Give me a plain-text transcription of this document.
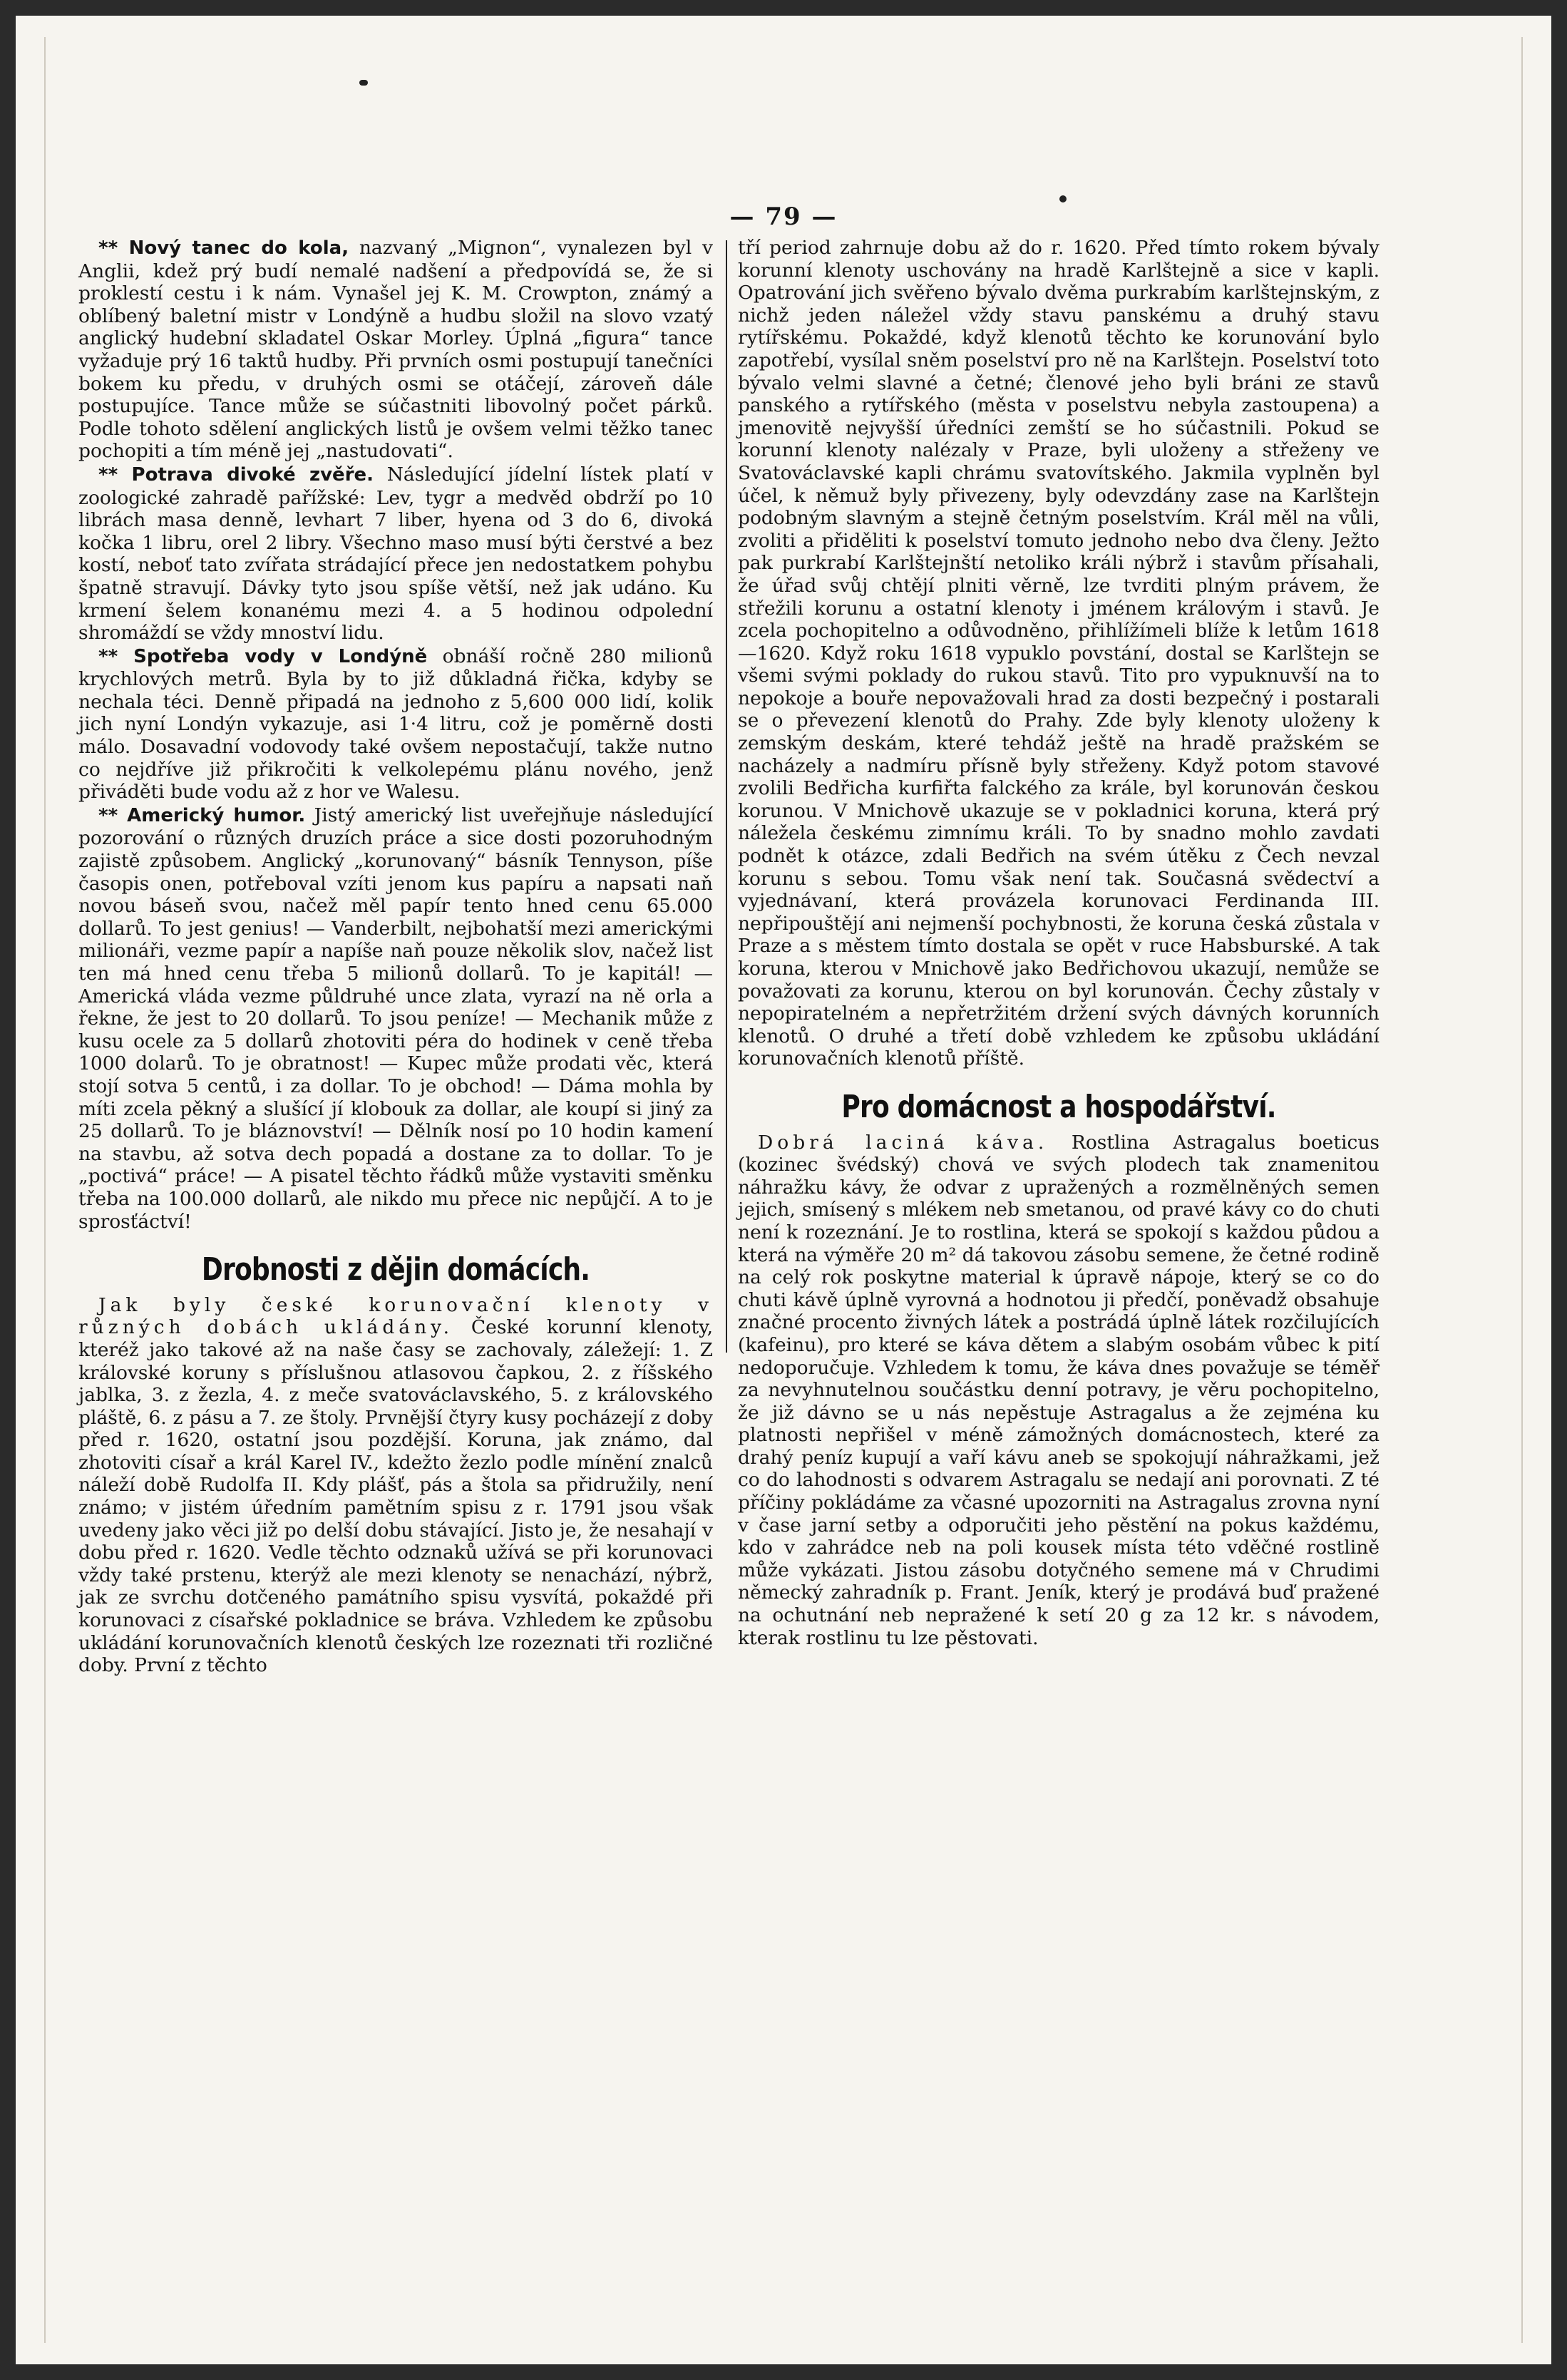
— 79 —

** Nový tanec do kola, nazvaný „Mignon“, vynalezen byl v Anglii, kdež prý budí nemalé nadšení a předpovídá se, že si proklestí cestu i k nám. Vynašel jej K. M. Crowpton, známý a oblíbený baletní mistr v Londýně a hudbu složil na slovo vzatý anglický hudební skladatel Oskar Morley. Úplná „figura“ tance vyžaduje prý 16 taktů hudby. Při prvních osmi postupují tanečníci bokem ku předu, v druhých osmi se otáčejí, zároveň dále postupujíce. Tance může se súčastniti libovolný počet párků. Podle tohoto sdělení anglických listů je ovšem velmi těžko tanec pochopiti a tím méně jej „nastudovati“.

** Potrava divoké zvěře. Následující jídelní lístek platí v zoologické zahradě pařížské: Lev, tygr a medvěd obdrží po 10 librách masa denně, levhart 7 liber, hyena od 3 do 6, divoká kočka 1 libru, orel 2 libry. Všechno maso musí býti čerstvé a bez kostí, neboť tato zvířata strádající přece jen nedostatkem pohybu špatně stravují. Dávky tyto jsou spíše větší, než jak udáno. Ku krmení šelem konanému mezi 4. a 5 hodinou odpolední shromáždí se vždy mnoství lidu.

** Spotřeba vody v Londýně obnáší ročně 280 milionů krychlových metrů. Byla by to již důkladná řička, kdyby se nechala téci. Denně připadá na jednoho z 5,600 000 lidí, kolik jich nyní Londýn vykazuje, asi 1·4 litru, což je poměrně dosti málo. Dosavadní vodovody také ovšem nepostačují, takže nutno co nejdříve již přikročiti k velkolepému plánu nového, jenž přiváděti bude vodu až z hor ve Walesu.

** Americký humor. Jistý americký list uveřejňuje následující pozorování o různých druzích práce a sice dosti pozoruhodným zajistě způsobem. Anglický „korunovaný“ básník Tennyson, píše časopis onen, potřeboval vzíti jenom kus papíru a napsati naň novou báseň svou, načež měl papír tento hned cenu 65.000 dollarů. To jest genius! — Vanderbilt, nejbohatší mezi americkými milionáři, vezme papír a napíše naň pouze několik slov, načež list ten má hned cenu třeba 5 milionů dollarů. To je kapitál! — Americká vláda vezme půldruhé unce zlata, vyrazí na ně orla a řekne, že jest to 20 dollarů. To jsou peníze! — Mechanik může z kusu ocele za 5 dollarů zhotoviti péra do hodinek v ceně třeba 1000 dolarů. To je obratnost! — Kupec může prodati věc, která stojí sotva 5 centů, i za dollar. To je obchod! — Dáma mohla by míti zcela pěkný a slušící jí klobouk za dollar, ale koupí si jiný za 25 dollarů. To je bláznovství! — Dělník nosí po 10 hodin kamení na stavbu, až sotva dech popadá a dostane za to dollar. To je „poctivá“ práce! — A pisatel těchto řádků může vystaviti směnku třeba na 100.000 dollarů, ale nikdo mu přece nic nepůjčí. A to je sprosťáctví!

Drobnosti z dějin domácích.

Jak byly české korunovační klenoty v různých dobách ukládány. České korunní klenoty, kteréž jako takové až na naše časy se zachovaly, záležejí: 1. Z královské koruny s příslušnou atlasovou čapkou, 2. z říšského jablka, 3. z žezla, 4. z meče svatováclavského, 5. z královského pláště, 6. z pásu a 7. ze štoly. Prvnější čtyry kusy pocházejí z doby před r. 1620, ostatní jsou pozdější. Koruna, jak známo, dal zhotoviti císař a král Karel IV., kdežto žezlo podle mínění znalců náleží době Rudolfa II. Kdy plášť, pás a štola sa přidružily, není známo; v jistém úředním pamětním spisu z r. 1791 jsou však uvedeny jako věci již po delší dobu stávající. Jisto je, že nesahají v dobu před r. 1620. Vedle těchto odznaků užívá se při korunovaci vždy také prstenu, kterýž ale mezi klenoty se nenachází, nýbrž, jak ze svrchu dotčeného památního spisu vysvítá, pokaždé při korunovaci z císařské pokladnice se bráva. Vzhledem ke způsobu ukládání korunovačních klenotů českých lze rozeznati tři rozličné doby. První z těchto

tří period zahrnuje dobu až do r. 1620. Před tímto rokem bývaly korunní klenoty uschovány na hradě Karlštejně a sice v kapli. Opatrování jich svěřeno bývalo dvěma purkrabím karlštejnským, z nichž jeden náležel vždy stavu panskému a druhý stavu rytířskému. Pokaždé, když klenotů těchto ke korunování bylo zapotřebí, vysílal sněm poselství pro ně na Karlštejn. Poselství toto bývalo velmi slavné a četné; členové jeho byli bráni ze stavů panského a rytířského (města v poselstvu nebyla zastoupena) a jmenovitě nejvyšší úředníci zemští se ho súčastnili. Pokud se korunní klenoty nalézaly v Praze, byli uloženy a střeženy ve Svatováclavské kapli chrámu svatovítského. Jakmila vyplněn byl účel, k němuž byly přivezeny, byly odevzdány zase na Karlštejn podobným slavným a stejně četným poselstvím. Král měl na vůli, zvoliti a přiděliti k poselství tomuto jednoho nebo dva členy. Ježto pak purkrabí Karlštejnští netoliko králi nýbrž i stavům přísahali, že úřad svůj chtějí plniti věrně, lze tvrditi plným právem, že střežili korunu a ostatní klenoty i jménem královým i stavů. Je zcela pochopitelno a odůvodněno, přihlížímeli blíže k letům 1618—1620. Když roku 1618 vypuklo povstání, dostal se Karlštejn se všemi svými poklady do rukou stavů. Tito pro vypuknuvší na to nepokoje a bouře nepovažovali hrad za dosti bezpečný i postarali se o převezení klenotů do Prahy. Zde byly klenoty uloženy k zemským deskám, které tehdáž ještě na hradě pražském se nacházely a nadmíru přísně byly střeženy. Když potom stavové zvolili Bedřicha kurfiřta falckého za krále, byl korunován českou korunou. V Mnichově ukazuje se v pokladnici koruna, která prý náležela českému zimnímu králi. To by snadno mohlo zavdati podnět k otázce, zdali Bedřich na svém útěku z Čech nevzal korunu s sebou. Tomu však není tak. Současná svědectví a vyjednávaní, která provázela korunovaci Ferdinanda III. nepřipouštějí ani nejmenší pochybnosti, že koruna česká zůstala v Praze a s městem tímto dostala se opět v ruce Habsburské. A tak koruna, kterou v Mnichově jako Bedřichovou ukazují, nemůže se považovati za korunu, kterou on byl korunován. Čechy zůstaly v nepopiratelném a nepřetržitém držení svých dávných korunních klenotů. O druhé a třetí době vzhledem ke způsobu ukládání korunovačních klenotů příště.

Pro domácnost a hospodářství.

Dobrá laciná káva. Rostlina Astragalus boeticus (kozinec švédský) chová ve svých plodech tak znamenitou náhražku kávy, že odvar z upražených a rozmělněných semen jejich, smísený s mlékem neb smetanou, od pravé kávy co do chuti není k rozeznání. Je to rostlina, která se spokojí s každou půdou a která na výměře 20 m² dá takovou zásobu semene, že četné rodině na celý rok poskytne material k úpravě nápoje, který se co do chuti kávě úplně vyrovná a hodnotou ji předčí, poněvadž obsahuje značné procento živných látek a postrádá úplně látek rozčilujících (kafeinu), pro které se káva dětem a slabým osobám vůbec k pití nedoporučuje. Vzhledem k tomu, že káva dnes považuje se téměř za nevyhnutelnou součástku denní potravy, je věru pochopitelno, že již dávno se u nás nepěstuje Astragalus a že zejména ku platnosti nepřišel v méně zámožných domácnostech, které za drahý peníz kupují a vaří kávu aneb se spokojují náhražkami, jež co do lahodnosti s odvarem Astragalu se nedají ani porovnati. Z té příčiny pokládáme za včasné upozorniti na Astragalus zrovna nyní v čase jarní setby a odporučiti jeho pěstění na pokus každému, kdo v zahrádce neb na poli kousek místa této vděčné rostlině může vykázati. Jistou zásobu dotyčného semene má v Chrudimi německý zahradník p. Frant. Jeník, který je prodává buď pražené na ochutnání neb nepražené k setí 20 g za 12 kr. s návodem, kterak rostlinu tu lze pěstovati.
